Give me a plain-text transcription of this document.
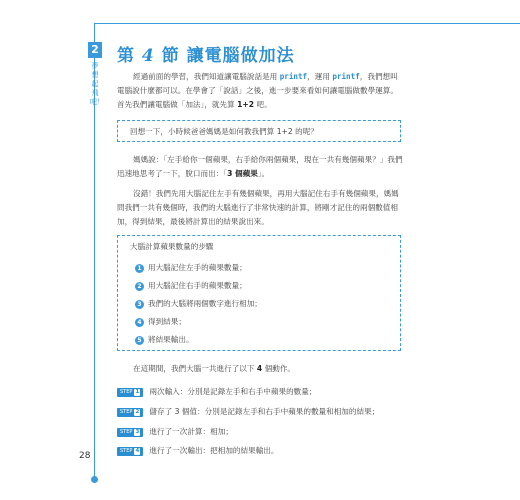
2
夢想起飛吧！
28
第 4 節 讓電腦做加法
經過前面的學習，我們知道讓電腦說話是用 printf，運用 printf，我們想叫電腦說什麼都可以。在學會了「說話」之後，進一步要來看如何讓電腦做數學運算。首先我們讓電腦做「加法」，就先算 1+2 吧。
回想一下，小時候爸爸媽媽是如何教我們算 1+2 的呢？
媽媽說：「左手給你一個蘋果，右手給你兩個蘋果，現在一共有幾個蘋果？」我們迅速地思考了一下，脫口而出：「3 個蘋果」。
沒錯！我們先用大腦記住左手有幾個蘋果，再用大腦記住右手有幾個蘋果，媽媽問我們一共有幾個時，我們的大腦進行了非常快速的計算，將剛才記住的兩個數值相加，得到結果，最後將計算出的結果說出來。
大腦計算蘋果數量的步驟
1 用大腦記住左手的蘋果數量；
2 用大腦記住右手的蘋果數量；
3 我們的大腦將兩個數字進行相加；
4 得到結果；
5 將結果輸出。
在這期間，我們大腦一共進行了以下 4 個動作。
STEP 1 兩次輸入：分別是記錄左手和右手中蘋果的數量；
STEP 2 儲存了 3 個值：分別是記錄左手和右手中蘋果的數量和相加的結果；
STEP 3 進行了一次計算：相加；
STEP 4 進行了一次輸出：把相加的結果輸出。
